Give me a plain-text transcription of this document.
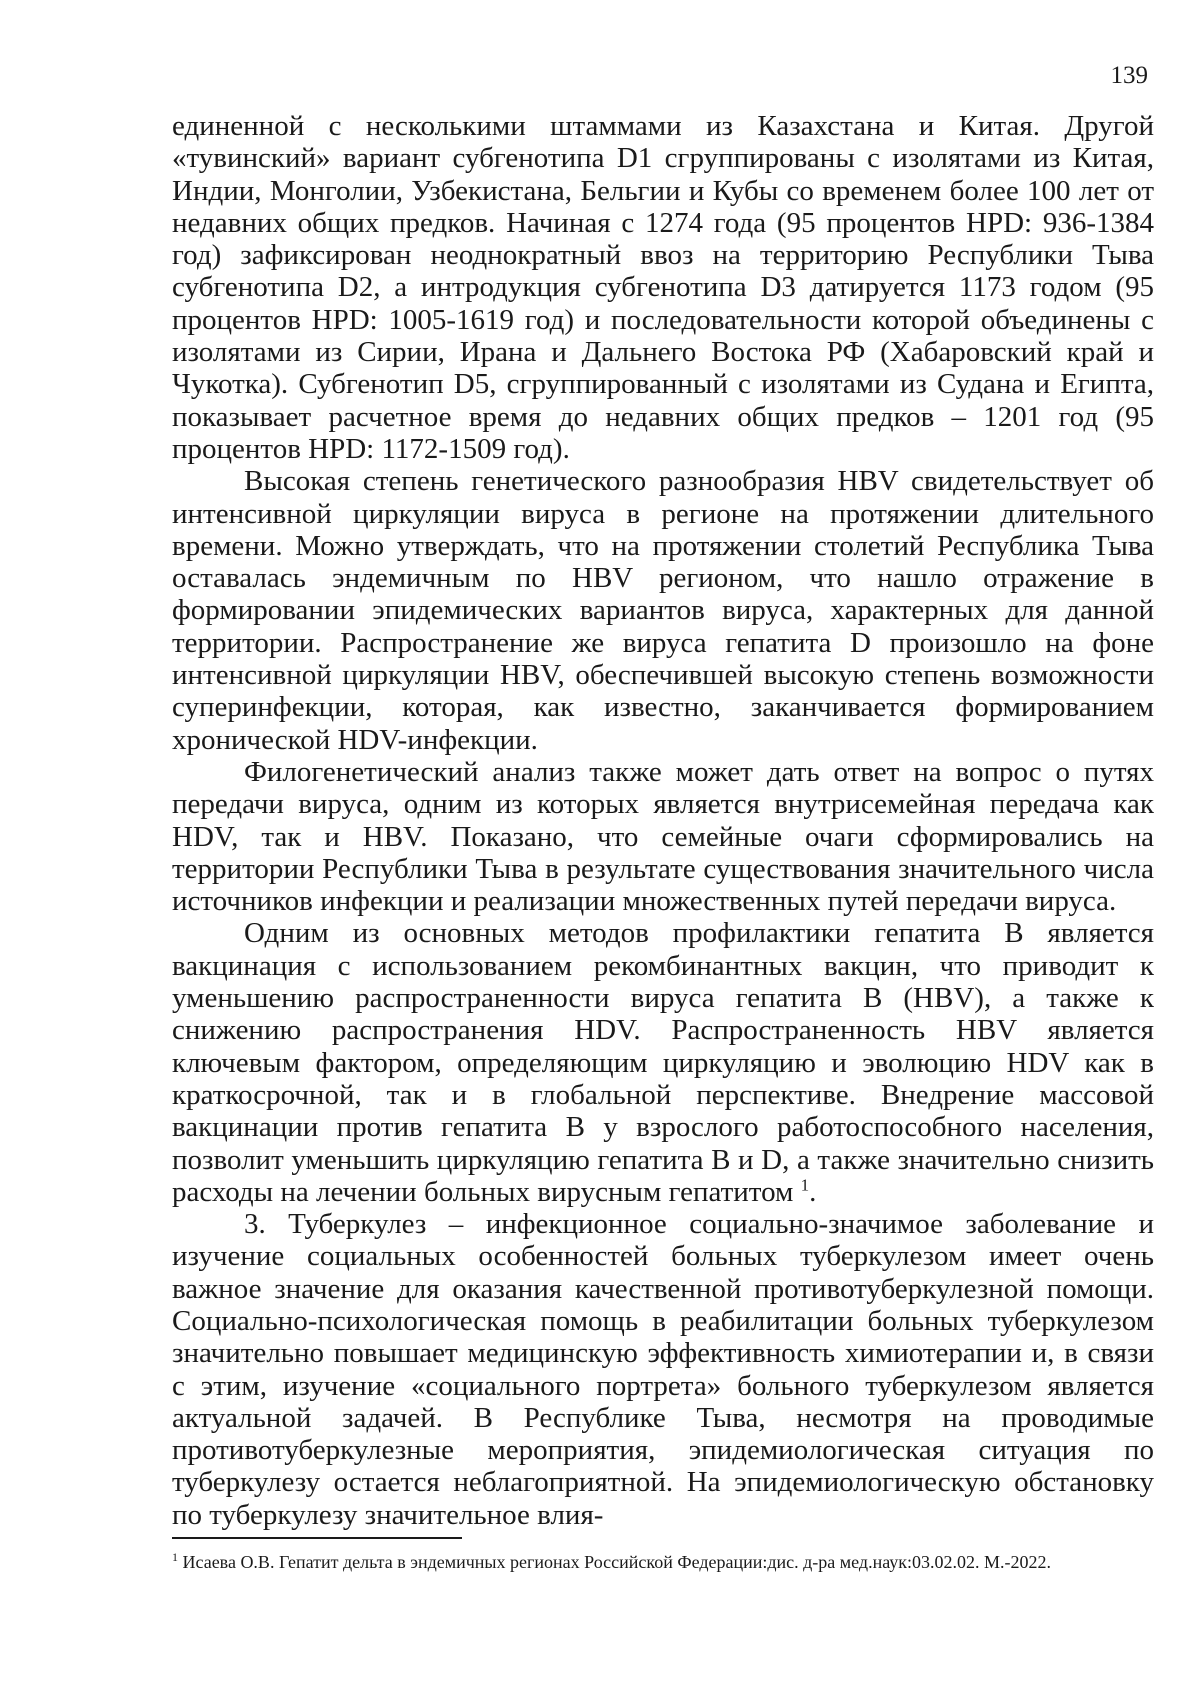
139

единенной с несколькими штаммами из Казахстана и Китая. Другой «тувинский» вариант субгенотипа D1 сгруппированы с изолятами из Китая, Индии, Монголии, Узбекистана, Бельгии и Кубы со временем более 100 лет от недавних общих предков. Начиная с 1274 года (95 процентов HPD: 936-1384 год) зафиксирован неоднократный ввоз на территорию Республики Тыва субгенотипа D2, а интродукция субгенотипа D3 датируется 1173 годом (95 процентов HPD: 1005-1619 год) и последовательности которой объединены с изолятами из Сирии, Ирана и Дальнего Востока РФ (Хабаровский край и Чукотка). Субгенотип D5, сгруппированный с изолятами из Судана и Египта, показывает расчетное время до недавних общих предков – 1201 год (95 процентов HPD: 1172-1509 год).

Высокая степень генетического разнообразия HBV свидетельствует об интенсивной циркуляции вируса в регионе на протяжении длительного времени. Можно утверждать, что на протяжении столетий Республика Тыва оставалась эндемичным по HBV регионом, что нашло отражение в формировании эпидемических вариантов вируса, характерных для данной территории. Распространение же вируса гепатита D произошло на фоне интенсивной циркуляции HBV, обеспечившей высокую степень возможности суперинфекции, которая, как известно, заканчивается формированием хронической HDV-инфекции.

Филогенетический анализ также может дать ответ на вопрос о путях передачи вируса, одним из которых является внутрисемейная передача как HDV, так и HBV. Показано, что семейные очаги сформировались на территории Республики Тыва в результате существования значительного числа источников инфекции и реализации множественных путей передачи вируса.

Одним из основных методов профилактики гепатита В является вакцинация с использованием рекомбинантных вакцин, что приводит к уменьшению распространенности вируса гепатита В (HBV), а также к снижению распространения HDV. Распространенность HBV является ключевым фактором, определяющим циркуляцию и эволюцию HDV как в краткосрочной, так и в глобальной перспективе. Внедрение массовой вакцинации против гепатита В у взрослого работоспособного населения, позволит уменьшить циркуляцию гепатита В и D, а также значительно снизить расходы на лечении больных вирусным гепатитом $^1$.

3. Туберкулез – инфекционное социально-значимое заболевание и изучение социальных особенностей больных туберкулезом имеет очень важное значение для оказания качественной противотуберкулезной помощи. Социально-психологическая помощь в реабилитации больных туберкулезом значительно повышает медицинскую эффективность химиотерапии и, в связи с этим, изучение «социального портрета» больного туберкулезом является актуальной задачей. В Республике Тыва, несмотря на проводимые противотуберкулезные мероприятия, эпидемиологическая ситуация по туберкулезу остается неблагоприятной. На эпидемиологическую обстановку по туберкулезу значительное влия-

$^1$ Исаева О.В. Гепатит дельта в эндемичных регионах Российской Федерации:дис. д-ра мед.наук:03.02.02. М.-2022.
